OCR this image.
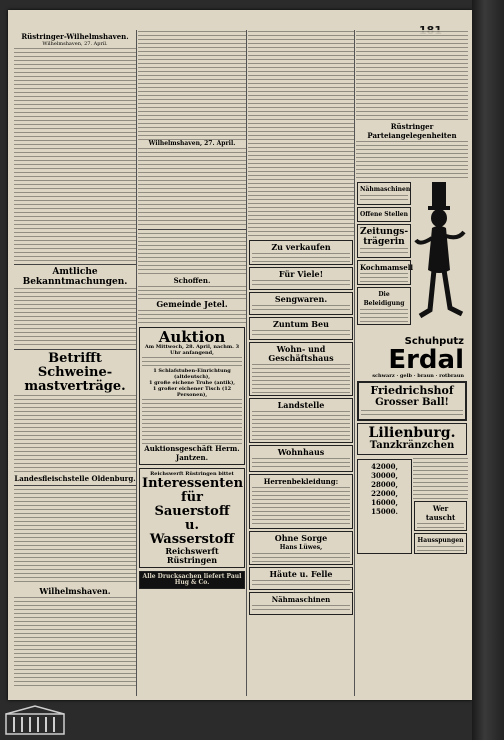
Rüstringer-Wilhelmshaven.
Wilhelmshaven, 27. April.
Amtliche Bekanntmachungen.
Betrifft Schweine-
mastverträge.
Landesfleischstelle Oldenburg.
Wilhelmshaven.
Wilhelmshaven, 27. April.
Schoffen.
Gemeinde Jetel.
Auktion
Am Mittwoch, 28. April, nachm. 3 Uhr anfangend,
1 Schlafstuben-Einrichtung (altdeutsch),
1 große eichene Truhe (antik),
1 großer eichener Tisch (12 Personen),
Auktionsgeschäft Herm. Jantzen.
Reichswerft Rüstringen bittet
Interessenten
für Sauerstoff
u. Wasserstoff
Reichswerft Rüstringen
Alle Drucksachen liefert Paul Hug & Co.
Zu verkaufen
Für Viele!
Sengwaren.
Zuntum Beu
Wohn- und Geschäftshaus
Landstelle
Wohnhaus
Herrenbekleidung:
Ohne Sorge
Hans Lüwes,
Häute u. Felle
Nähmaschinen
Rüstringer Parteiangelegenheiten
Nähmaschinen
Offene Stellen
Zeitungs-trägerin
Kochmamsell
Die Beleidigung
Schuhputz
Erdal
schwarz · gelb · braun · rotbraun
Friedrichshof
Grosser Ball!
Lilienburg.
Tanzkränzchen
42000,
30000,
28000,
22000,
16000,
15000.	Wer tauscht
Hausspungen
